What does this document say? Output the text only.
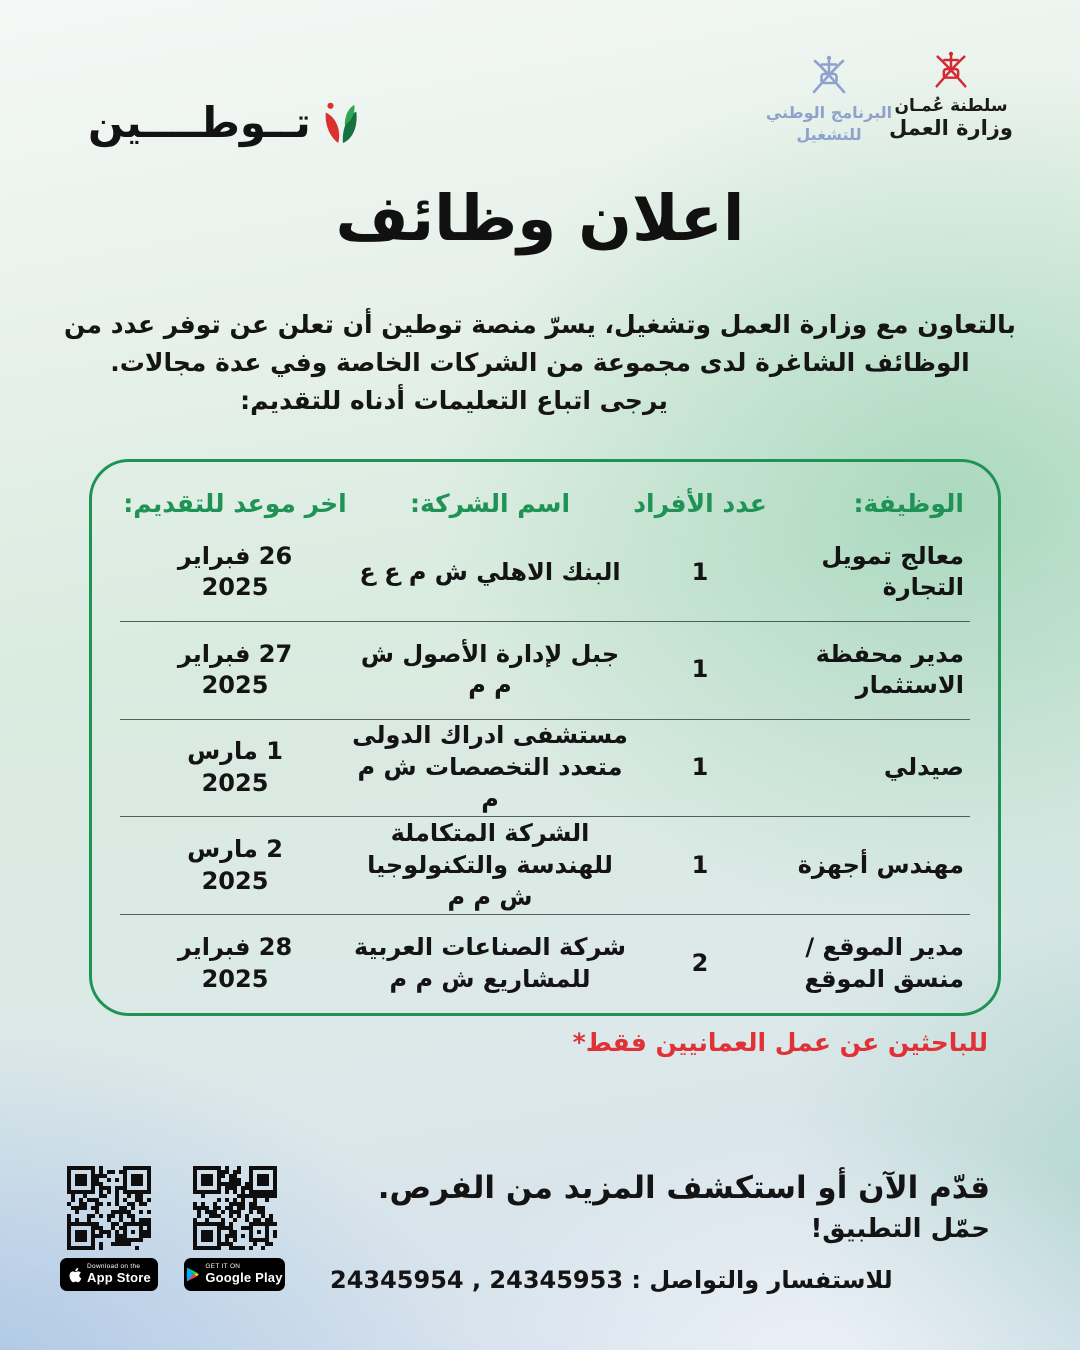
تــوطــــين	البرنامج الوطني
للتشغيل
سلطنة عُمـان
وزارة العمل
اعلان وظائف
بالتعاون مع وزارة العمل وتشغيل، يسرّ منصة توطين أن تعلن عن توفر عدد من
الوظائف الشاغرة لدى مجموعة من الشركات الخاصة وفي عدة مجالات.
يرجى اتباع التعليمات أدناه للتقديم:
الوظيفة:
عدد الأفراد
اسم الشركة:
اخر موعد للتقديم:
معالج تمويل التجارة
1
البنك الاهلي ش م ع ع
26 فبراير 2025
مدير محفظة الاستثمار
1
جبل لإدارة الأصول ش م م
27 فبراير 2025
صيدلي
1
مستشفى ادراك الدولى متعدد التخصصات ش م م
1 مارس 2025
مهندس أجهزة
1
الشركة المتكاملة للهندسة والتكنولوجيا ش م م
2 مارس 2025
مدير الموقع / منسق الموقع
2
شركة الصناعات العربية للمشاريع ش م م
28 فبراير 2025
للباحثين عن عمل العمانيين فقط*
Download on the
App Store
GET IT ON
Google Play
قدّم الآن أو استكشف المزيد من الفرص.
حمّل التطبيق!
للاستفسار والتواصل : 24345953 , 24345954
